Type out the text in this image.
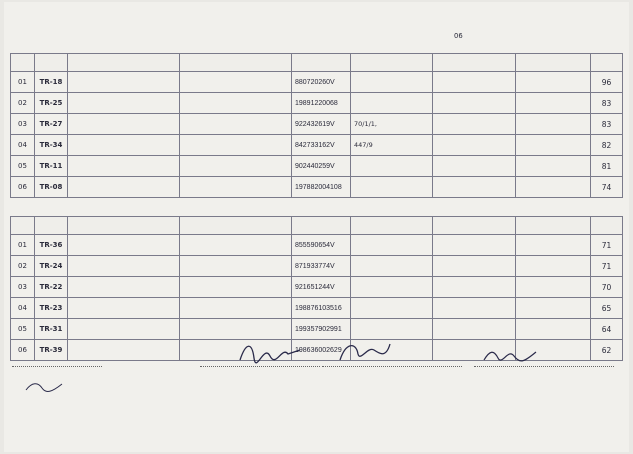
06

01	TR-18			880720260V				96
02	TR-25			19891220068				83
03	TR-27			922432619V	70/1/1,			83
04	TR-34			842733162V	447/9			82
05	TR-11			902440259V				81
06	TR-08			197882004108				74

01	TR-36			855590654V				71
02	TR-24			871933774V				71
03	TR-22			921651244V				70
04	TR-23			198876103516				65
05	TR-31			199357902991				64
06	TR-39			198636002629				62
